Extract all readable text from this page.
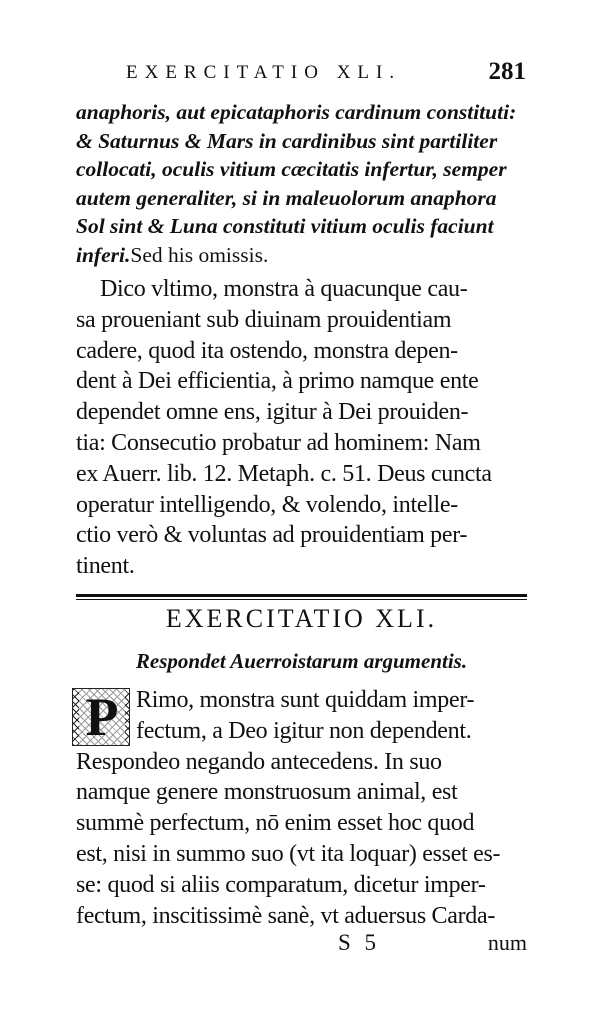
EXERCITATIO XLI.	281
anaphoris, aut epicataphoris cardinum constituti:
& Saturnus & Mars in cardinibus sint partiliter
collocati, oculis vitium cæcitatis infertur, semper
autem generaliter, si in maleuolorum anaphora
Sol sint & Luna constituti vitium oculis faciunt
inferi.Sed his omissis.
Dico vltimo, monstra à quacunque cau-
sa proueniant sub diuinam prouidentiam
cadere, quod ita ostendo, monstra depen-
dent à Dei efficientia, à primo namque ente
dependet omne ens, igitur à Dei prouiden-
tia: Consecutio probatur ad hominem: Nam
ex Auerr. lib. 12. Metaph. c. 51. Deus cuncta
operatur intelligendo, & volendo, intelle-
ctio verò & voluntas ad prouidentiam per-
tinent.
EXERCITATIO XLI.
Respondet Auerroistarum argumentis.
P Rimo, monstra sunt quiddam imper-
fectum, a Deo igitur non dependent.
Respondeo negando antecedens. In suo
namque genere monstruosum animal, est
summè perfectum, nō enim esset hoc quod
est, nisi in summo suo (vt ita loquar) esset es-
se: quod si aliis comparatum, dicetur imper-
fectum, inscitissimè sanè, vt aduersus Carda-
S 5	num
